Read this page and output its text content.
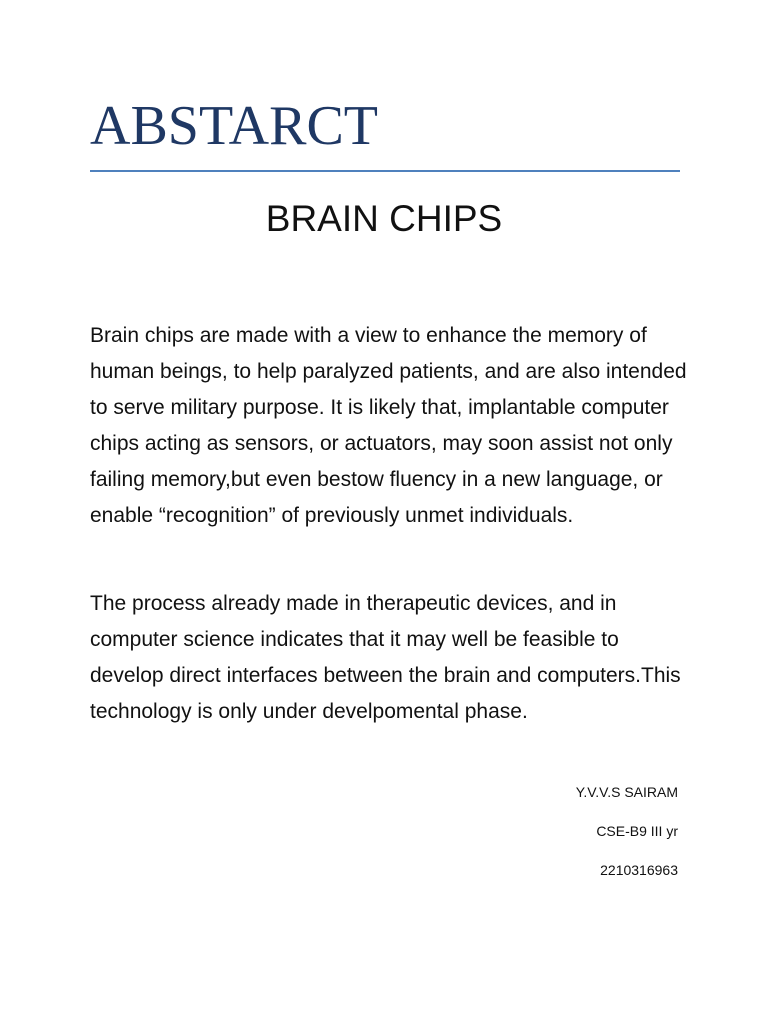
ABSTARCT
BRAIN CHIPS

Brain chips are made with a view to enhance the memory of human beings, to help paralyzed patients, and are also intended to serve military purpose. It is likely that, implantable computer chips acting as sensors, or actuators, may soon assist not only failing memory,but even bestow fluency in a new language, or enable “recognition” of previously unmet individuals.

The process already made in therapeutic devices, and in computer science indicates that it may well be feasible to develop direct interfaces between the brain and computers.This technology is only under develpomental phase.

Y.V.V.S SAIRAM
CSE-B9 III yr
2210316963
